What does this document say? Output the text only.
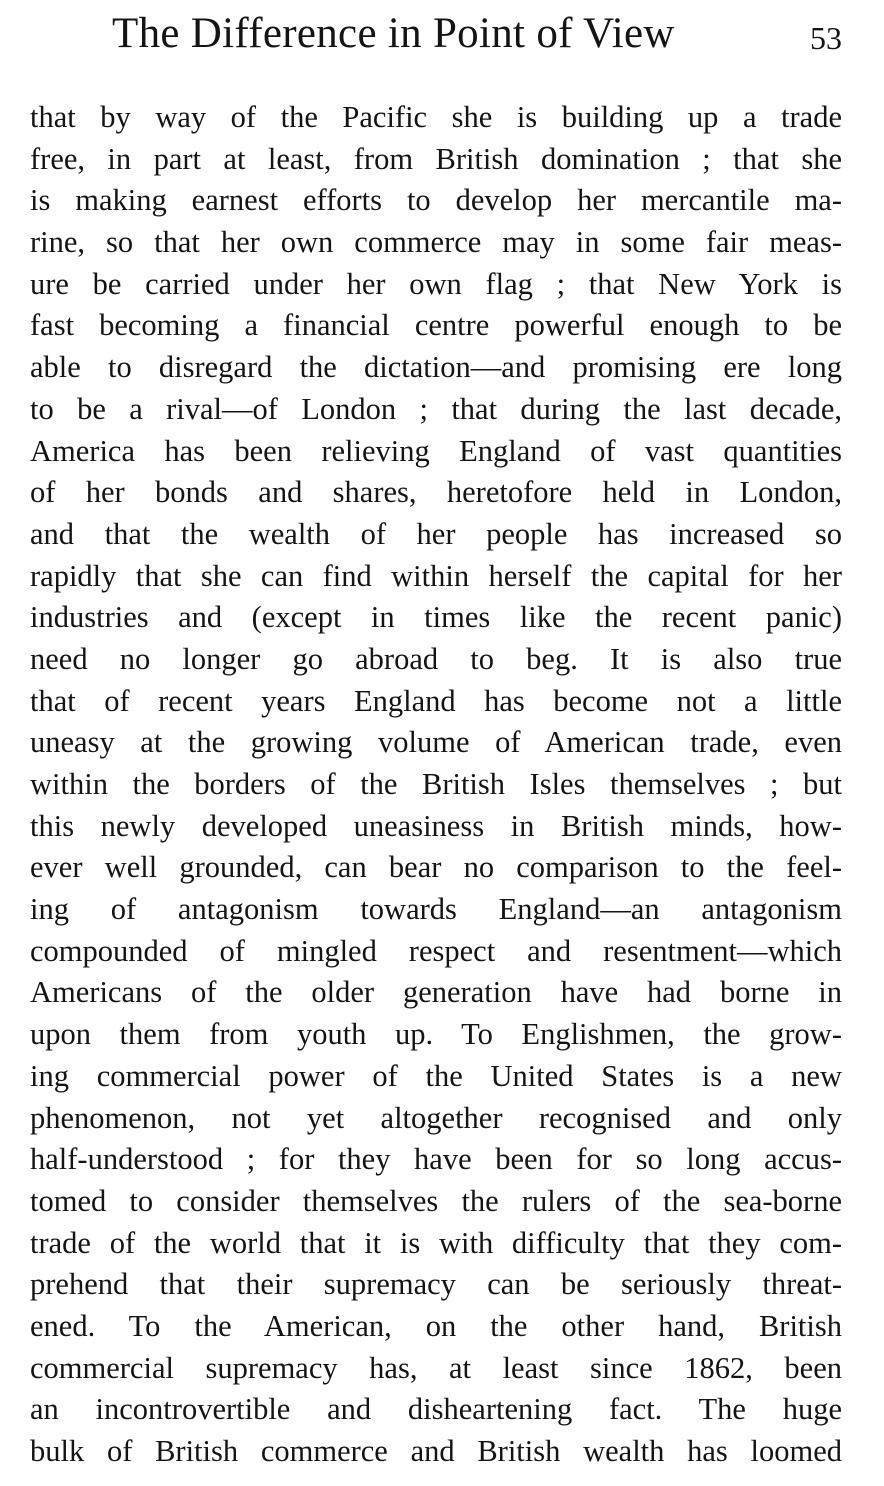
The Difference in Point of View	53
that by way of the Pacific she is building up a trade
free, in part at least, from British domination ; that she
is making earnest efforts to develop her mercantile ma-
rine, so that her own commerce may in some fair meas-
ure be carried under her own flag ; that New York is
fast becoming a financial centre powerful enough to be
able to disregard the dictation—and promising ere long
to be a rival—of London ; that during the last decade,
America has been relieving England of vast quantities
of her bonds and shares, heretofore held in London,
and that the wealth of her people has increased so
rapidly that she can find within herself the capital for her
industries and (except in times like the recent panic)
need no longer go abroad to beg. It is also true
that of recent years England has become not a little
uneasy at the growing volume of American trade, even
within the borders of the British Isles themselves ; but
this newly developed uneasiness in British minds, how-
ever well grounded, can bear no comparison to the feel-
ing of antagonism towards England—an antagonism
compounded of mingled respect and resentment—which
Americans of the older generation have had borne in
upon them from youth up. To Englishmen, the grow-
ing commercial power of the United States is a new
phenomenon, not yet altogether recognised and only
half-understood ; for they have been for so long accus-
tomed to consider themselves the rulers of the sea-borne
trade of the world that it is with difficulty that they com-
prehend that their supremacy can be seriously threat-
ened. To the American, on the other hand, British
commercial supremacy has, at least since 1862, been
an incontrovertible and disheartening fact. The huge
bulk of British commerce and British wealth has loomed
